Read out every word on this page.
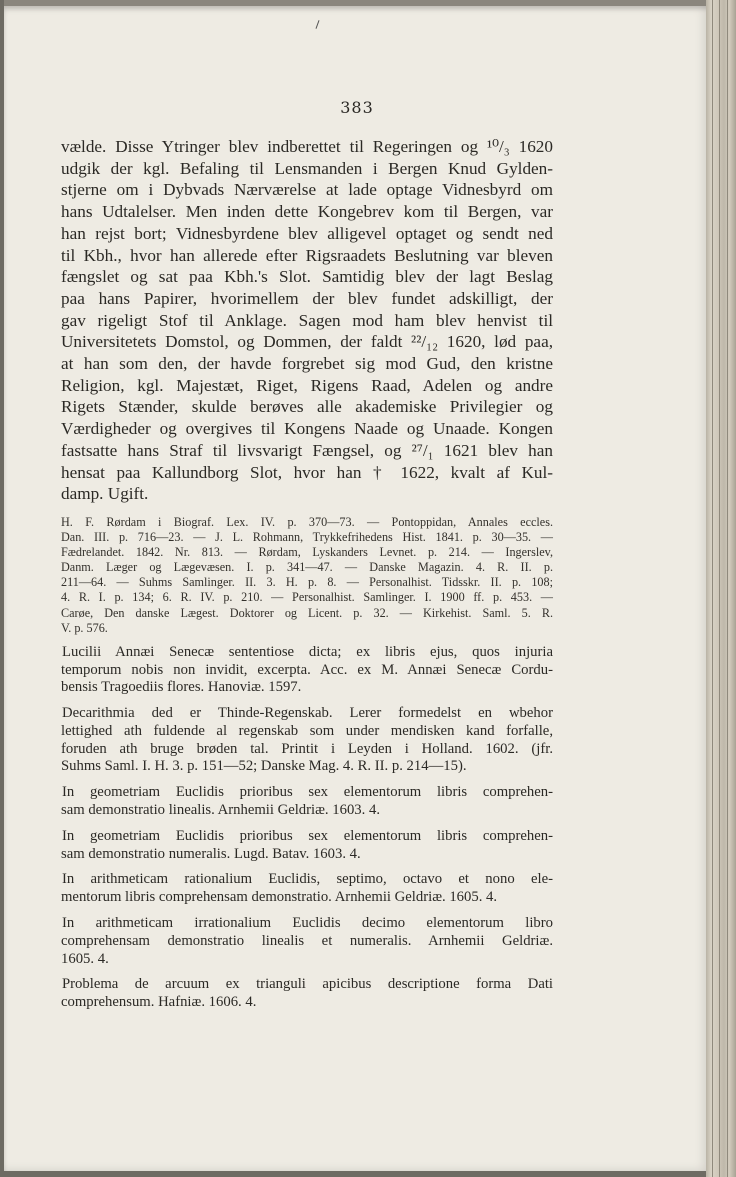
383
vælde. Disse Ytringer blev indberettet til Regeringen og ¹⁰/₃ 1620
udgik der kgl. Befaling til Lensmanden i Bergen Knud Gylden-
stjerne om i Dybvads Nærværelse at lade optage Vidnesbyrd om
hans Udtalelser. Men inden dette Kongebrev kom til Bergen, var
han rejst bort; Vidnesbyrdene blev alligevel optaget og sendt ned
til Kbh., hvor han allerede efter Rigsraadets Beslutning var bleven
fængslet og sat paa Kbh.'s Slot. Samtidig blev der lagt Beslag
paa hans Papirer, hvorimellem der blev fundet adskilligt, der
gav rigeligt Stof til Anklage. Sagen mod ham blev henvist til
Universitetets Domstol, og Dommen, der faldt ²²/₁₂ 1620, lød paa,
at han som den, der havde forgrebet sig mod Gud, den kristne
Religion, kgl. Majestæt, Riget, Rigens Raad, Adelen og andre
Rigets Stænder, skulde berøves alle akademiske Privilegier og
Værdigheder og overgives til Kongens Naade og Unaade. Kongen
fastsatte hans Straf til livsvarigt Fængsel, og ²⁷/₁ 1621 blev han
hensat paa Kallundborg Slot, hvor han † 1622, kvalt af Kul-
damp. Ugift.
H. F. Rørdam i Biograf. Lex. IV. p. 370—73. — Pontoppidan, Annales eccles.
Dan. III. p. 716—23. — J. L. Rohmann, Trykkefrihedens Hist. 1841. p. 30—35. —
Fædrelandet. 1842. Nr. 813. — Rørdam, Lyskanders Levnet. p. 214. — Ingerslev,
Danm. Læger og Lægevæsen. I. p. 341—47. — Danske Magazin. 4. R. II. p.
211—64. — Suhms Samlinger. II. 3. H. p. 8. — Personalhist. Tidsskr. II. p. 108;
4. R. I. p. 134; 6. R. IV. p. 210. — Personalhist. Samlinger. I. 1900 ff. p. 453. —
Carøe, Den danske Lægest. Doktorer og Licent. p. 32. — Kirkehist. Saml. 5. R.
V. p. 576.
Lucilii Annæi Senecæ sententiose dicta; ex libris ejus, quos injuria
temporum nobis non invidit, excerpta. Acc. ex M. Annæi Senecæ Cordu-
bensis Tragoediis flores. Hanoviæ. 1597.
Decarithmia ded er Thinde-Regenskab. Lerer formedelst en wbehor
lettighed ath fuldende al regenskab som under mendisken kand forfalle,
foruden ath bruge brøden tal. Printit i Leyden i Holland. 1602. (jfr.
Suhms Saml. I. H. 3. p. 151—52; Danske Mag. 4. R. II. p. 214—15).
In geometriam Euclidis prioribus sex elementorum libris comprehen-
sam demonstratio linealis. Arnhemii Geldriæ. 1603. 4.
In geometriam Euclidis prioribus sex elementorum libris comprehen-
sam demonstratio numeralis. Lugd. Batav. 1603. 4.
In arithmeticam rationalium Euclidis, septimo, octavo et nono ele-
mentorum libris comprehensam demonstratio. Arnhemii Geldriæ. 1605. 4.
In arithmeticam irrationalium Euclidis decimo elementorum libro
comprehensam demonstratio linealis et numeralis. Arnhemii Geldriæ.
1605. 4.
Problema de arcuum ex trianguli apicibus descriptione forma Dati
comprehensum. Hafniæ. 1606. 4.
